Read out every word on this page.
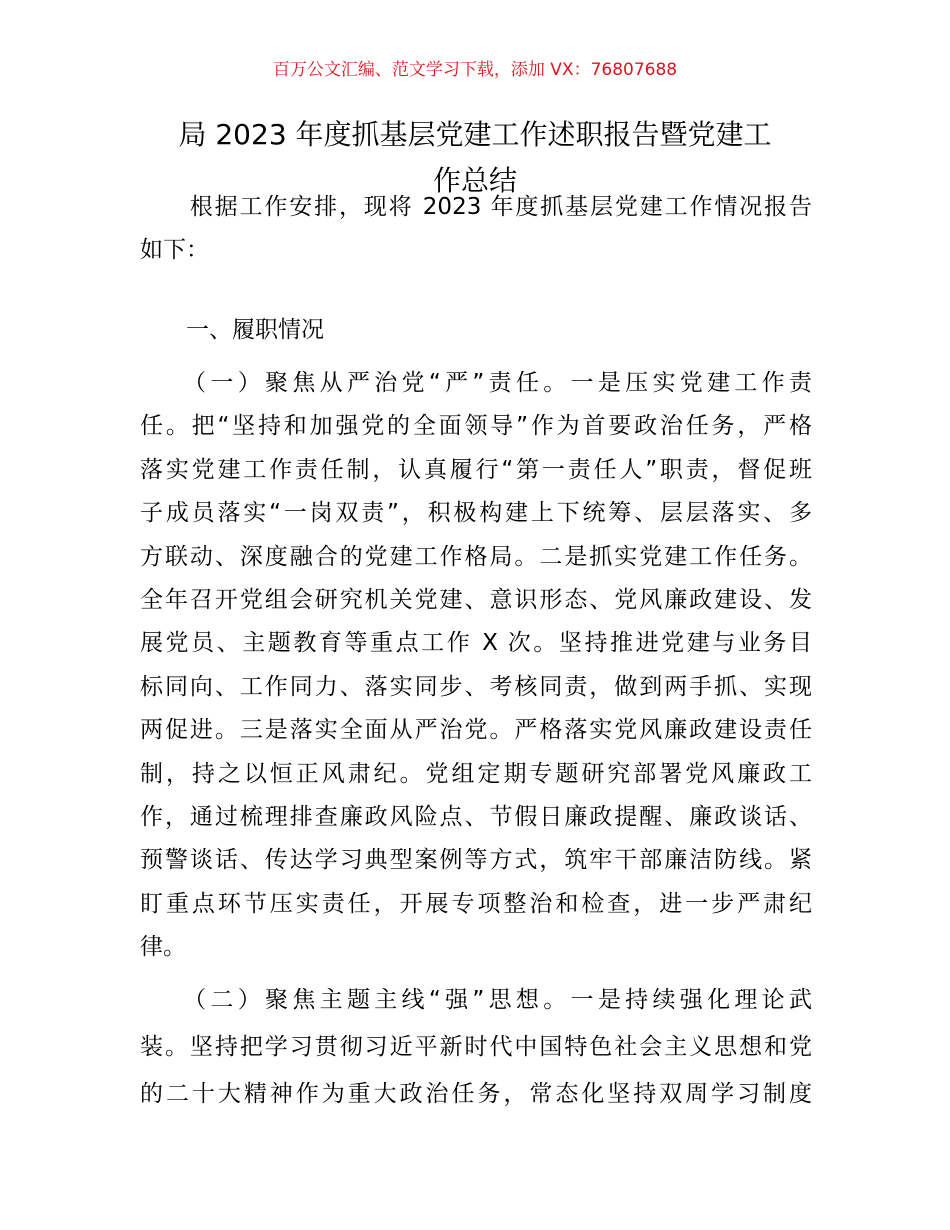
百万公文汇编、范文学习下载，添加 VX：76807688
局 2023 年度抓基层党建工作述职报告暨党建工
作总结
　　根据工作安排，现将 2023 年度抓基层党建工作情况报告
如下：
　　一、履职情况
　　（一）聚焦从严治党“严”责任。一是压实党建工作责
任。把“坚持和加强党的全面领导”作为首要政治任务，严格
落实党建工作责任制，认真履行“第一责任人”职责，督促班
子成员落实“一岗双责”，积极构建上下统筹、层层落实、多
方联动、深度融合的党建工作格局。二是抓实党建工作任务。
全年召开党组会研究机关党建、意识形态、党风廉政建设、发
展党员、主题教育等重点工作 X 次。坚持推进党建与业务目
标同向、工作同力、落实同步、考核同责，做到两手抓、实现
两促进。三是落实全面从严治党。严格落实党风廉政建设责任
制，持之以恒正风肃纪。党组定期专题研究部署党风廉政工
作，通过梳理排查廉政风险点、节假日廉政提醒、廉政谈话、
预警谈话、传达学习典型案例等方式，筑牢干部廉洁防线。紧
盯重点环节压实责任，开展专项整治和检查，进一步严肃纪
律。
　　（二）聚焦主题主线“强”思想。一是持续强化理论武
装。坚持把学习贯彻习近平新时代中国特色社会主义思想和党
的二十大精神作为重大政治任务，常态化坚持双周学习制度
